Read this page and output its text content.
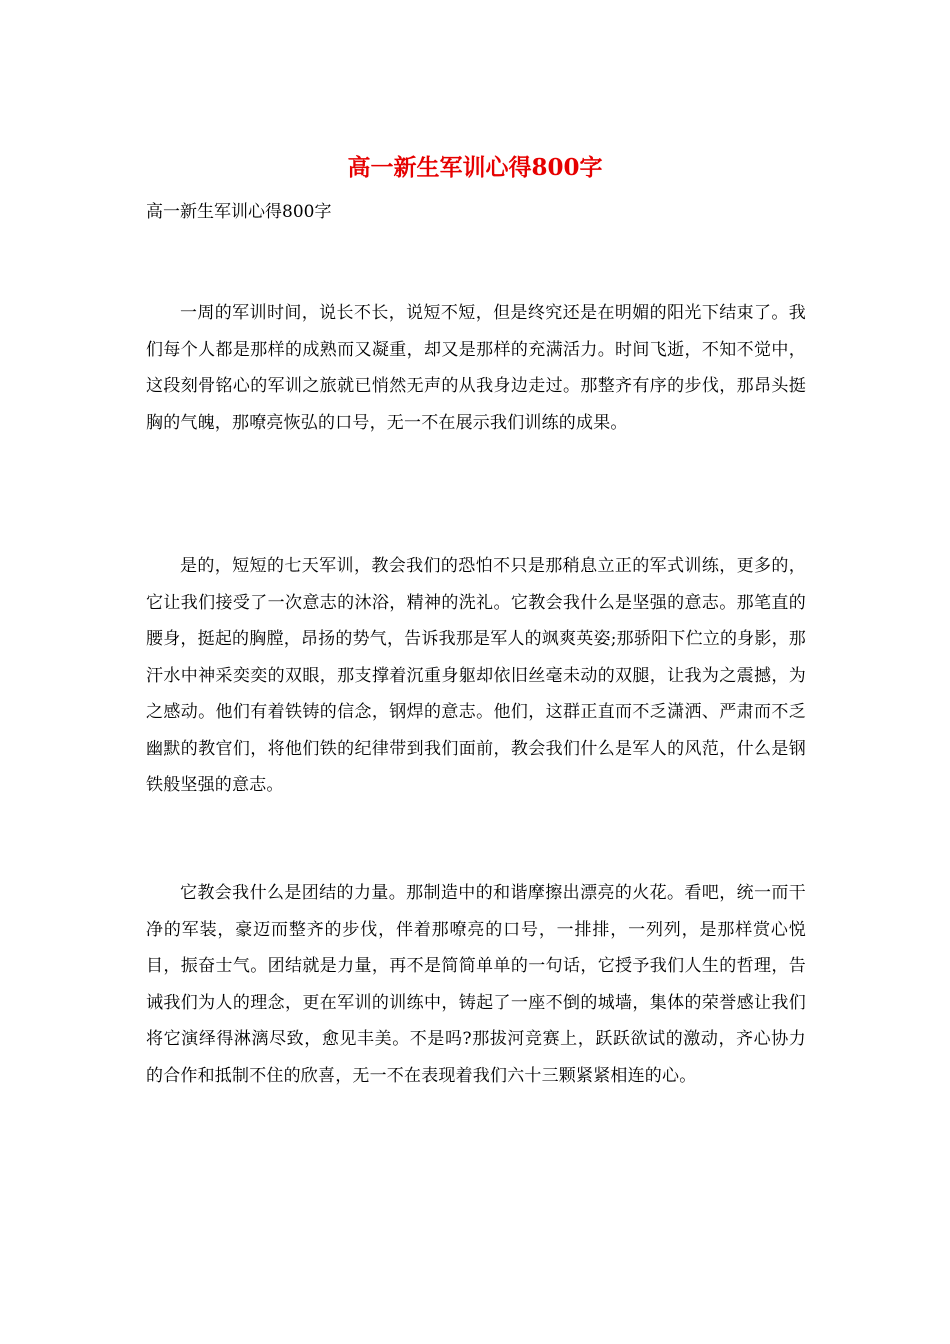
高一新生军训心得800字

高一新生军训心得800字

一周的军训时间，说长不长，说短不短，但是终究还是在明媚的阳光下结束了。我们每个人都是那样的成熟而又凝重，却又是那样的充满活力。时间飞逝，不知不觉中，这段刻骨铭心的军训之旅就已悄然无声的从我身边走过。那整齐有序的步伐，那昂头挺胸的气魄，那嘹亮恢弘的口号，无一不在展示我们训练的成果。

是的，短短的七天军训，教会我们的恐怕不只是那稍息立正的军式训练，更多的，它让我们接受了一次意志的沐浴，精神的洗礼。它教会我什么是坚强的意志。那笔直的腰身，挺起的胸膛，昂扬的势气，告诉我那是军人的飒爽英姿;那骄阳下伫立的身影，那汗水中神采奕奕的双眼，那支撑着沉重身躯却依旧丝毫未动的双腿，让我为之震撼，为之感动。他们有着铁铸的信念，钢焊的意志。他们，这群正直而不乏潇洒、严肃而不乏幽默的教官们，将他们铁的纪律带到我们面前，教会我们什么是军人的风范，什么是钢铁般坚强的意志。

它教会我什么是团结的力量。那制造中的和谐摩擦出漂亮的火花。看吧，统一而干净的军装，豪迈而整齐的步伐，伴着那嘹亮的口号，一排排，一列列，是那样赏心悦目，振奋士气。团结就是力量，再不是简简单单的一句话，它授予我们人生的哲理，告诫我们为人的理念，更在军训的训练中，铸起了一座不倒的城墙，集体的荣誉感让我们将它演绎得淋漓尽致，愈见丰美。不是吗?那拔河竞赛上，跃跃欲试的激动，齐心协力的合作和抵制不住的欣喜，无一不在表现着我们六十三颗紧紧相连的心。
